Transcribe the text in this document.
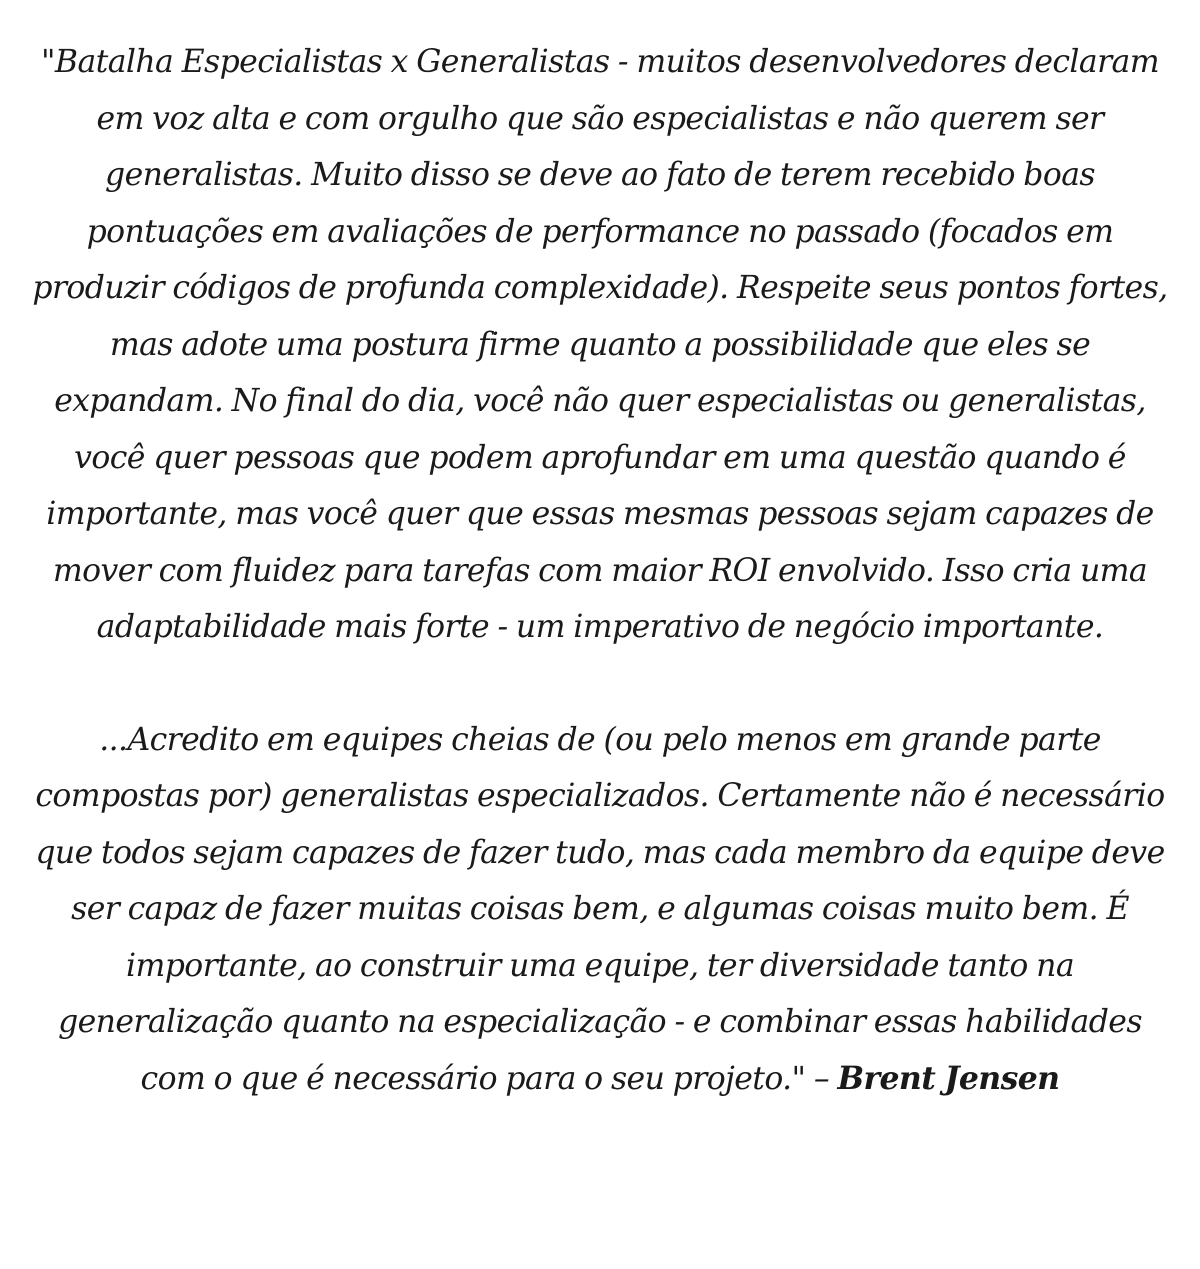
"Batalha Especialistas x Generalistas - muitos desenvolvedores declaram em voz alta e com orgulho que são especialistas e não querem ser generalistas. Muito disso se deve ao fato de terem recebido boas pontuações em avaliações de performance no passado (focados em produzir códigos de profunda complexidade). Respeite seus pontos fortes, mas adote uma postura firme quanto a possibilidade que eles se expandam. No final do dia, você não quer especialistas ou generalistas, você quer pessoas que podem aprofundar em uma questão quando é importante, mas você quer que essas mesmas pessoas sejam capazes de mover com fluidez para tarefas com maior ROI envolvido. Isso cria uma adaptabilidade mais forte - um imperativo de negócio importante.

...Acredito em equipes cheias de (ou pelo menos em grande parte compostas por) generalistas especializados. Certamente não é necessário que todos sejam capazes de fazer tudo, mas cada membro da equipe deve ser capaz de fazer muitas coisas bem, e algumas coisas muito bem. É importante, ao construir uma equipe, ter diversidade tanto na generalização quanto na especialização - e combinar essas habilidades com o que é necessário para o seu projeto." – Brent Jensen
